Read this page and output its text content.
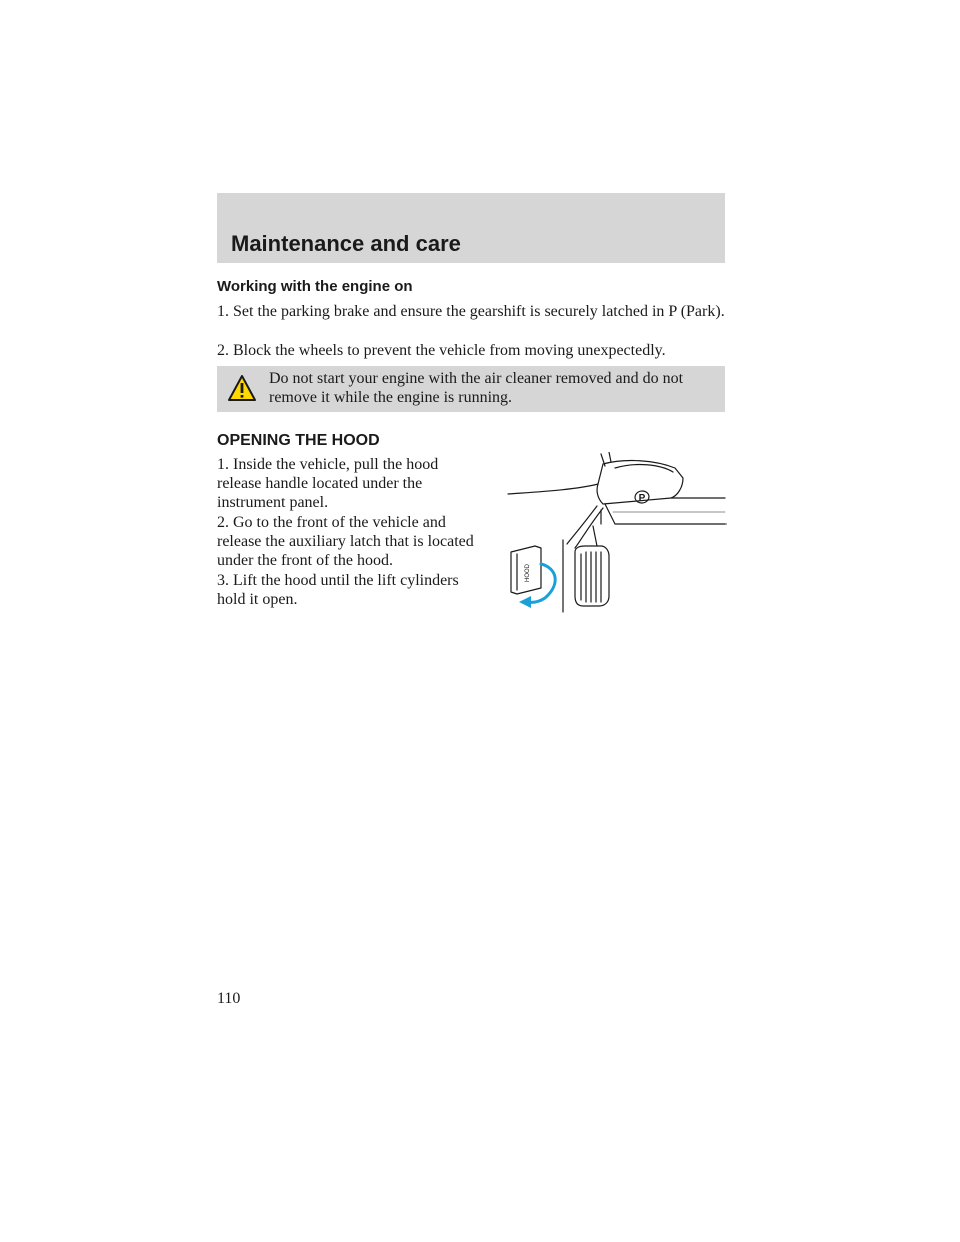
Maintenance and care
Working with the engine on

1. Set the parking brake and ensure the gearshift is securely latched in P (Park).

2. Block the wheels to prevent the vehicle from moving unexpectedly.

Do not start your engine with the air cleaner removed and do not remove it while the engine is running.

OPENING THE HOOD

1. Inside the vehicle, pull the hood release handle located under the instrument panel.

2. Go to the front of the vehicle and release the auxiliary latch that is located under the front of the hood.

3. Lift the hood until the lift cylinders hold it open.

P
HOOD

110
